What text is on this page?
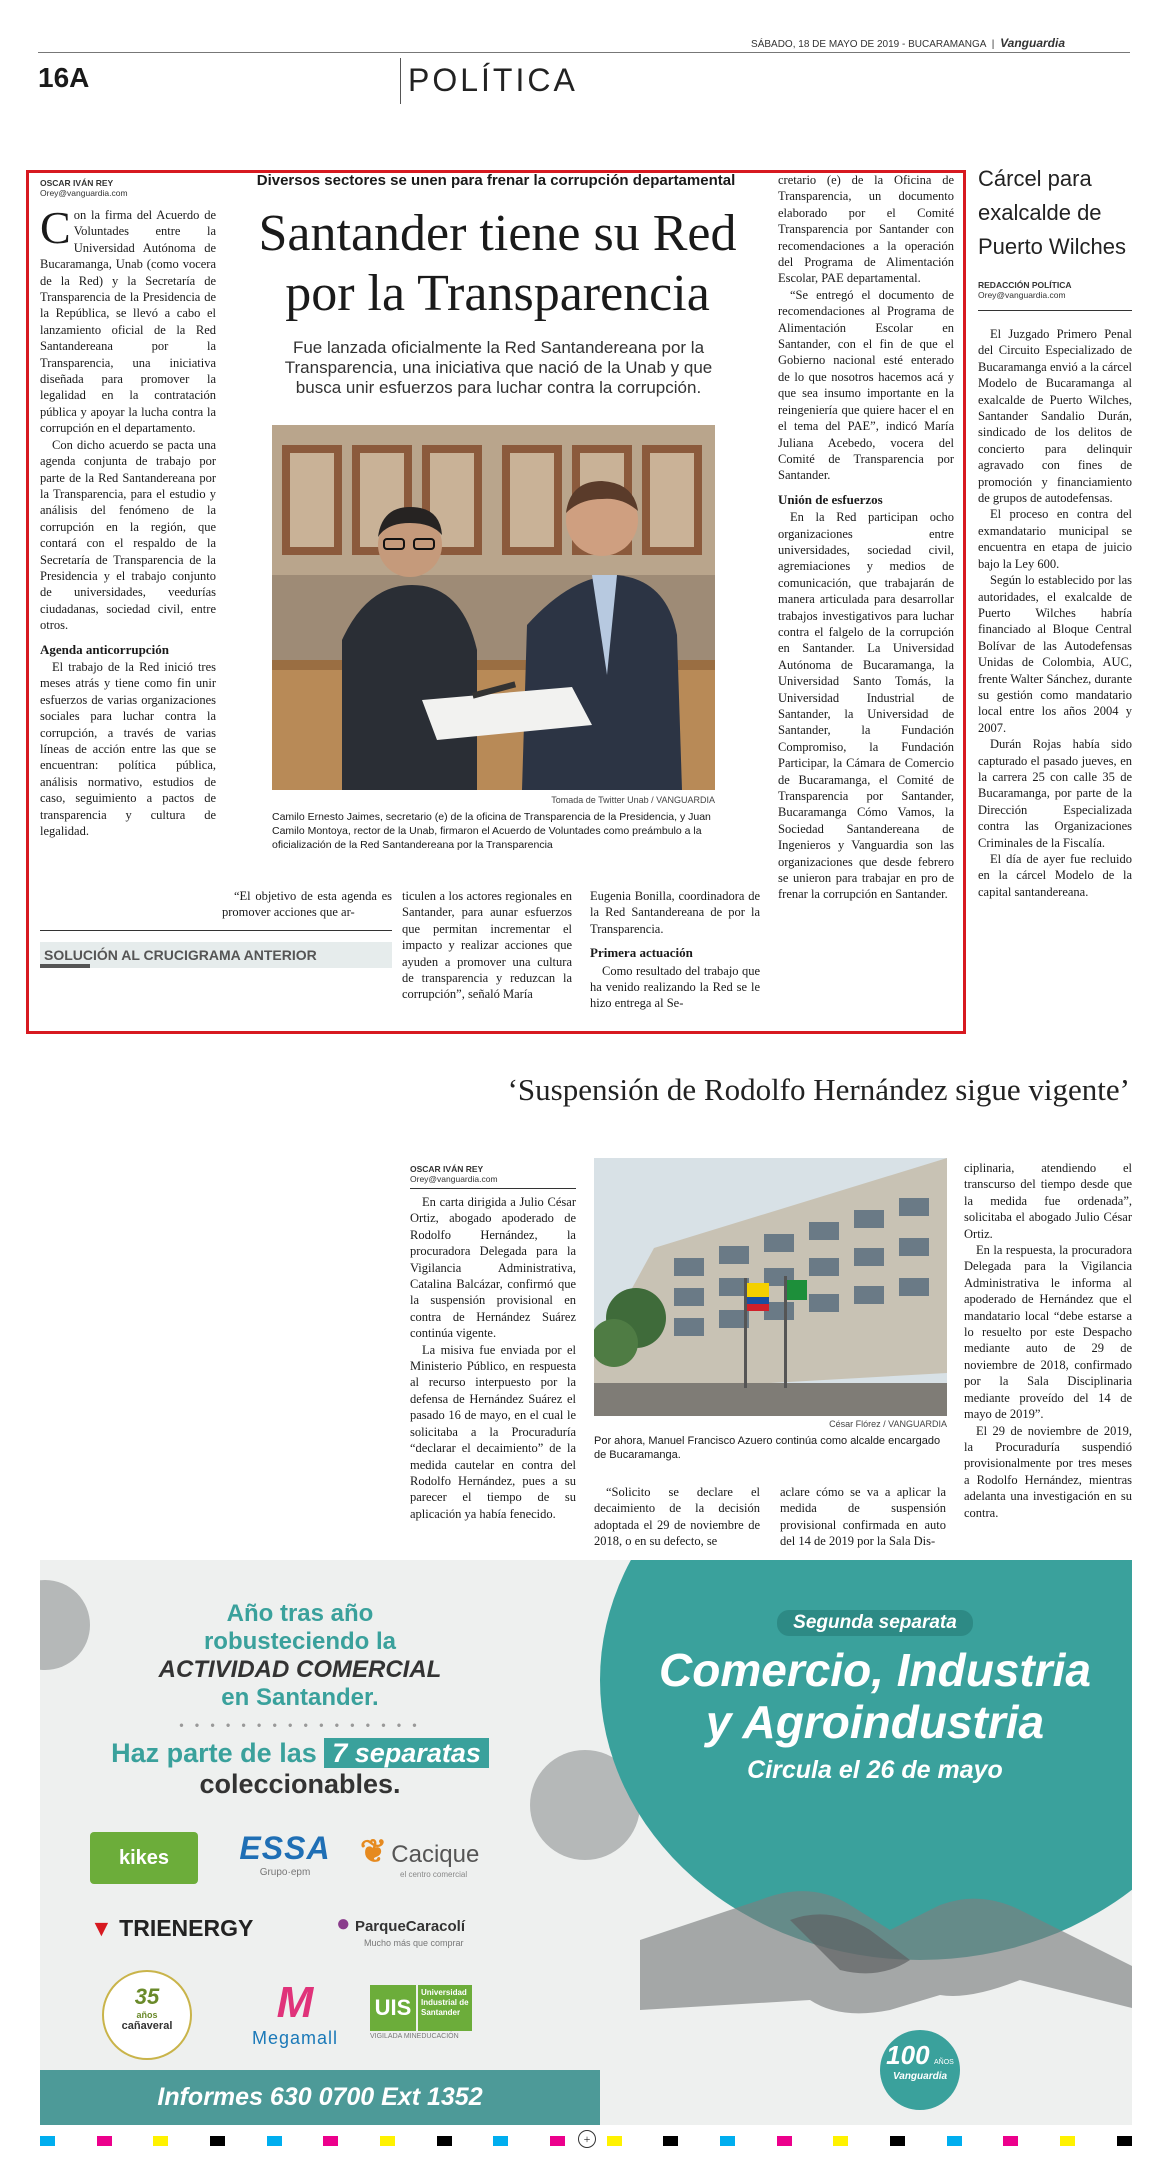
SÁBADO, 18 DE MAYO DE 2019 - BUCARAMANGA | Vanguardia
16A	POLÍTICA
OSCAR IVÁN REY
Orey@vanguardia.com
Diversos sectores se unen para frenar la corrupción departamental
Santander tiene su Red
por la Transparencia
Fue lanzada oficialmente la Red Santandereana por la Transparencia, una iniciativa que nació de la Unab y que busca unir esfuerzos para luchar contra la corrupción.

Con la firma del Acuerdo de Voluntades entre la Universidad Autónoma de Bucaramanga, Unab (como vocera de la Red) y la Secretaría de Transparencia de la Presidencia de la República, se llevó a cabo el lanzamiento oficial de la Red Santandereana por la Transparencia, una iniciativa diseñada para promover la legalidad en la contratación pública y apoyar la lucha contra la corrupción en el departamento.

Con dicho acuerdo se pacta una agenda conjunta de trabajo por parte de la Red Santandereana por la Transparencia, para el estudio y análisis del fenómeno de la corrupción en la región, que contará con el respaldo de la Secretaría de Transparencia de la Presidencia y el trabajo conjunto de universidades, veedurías ciudadanas, sociedad civil, entre otros.

Agenda anticorrupción

El trabajo de la Red inició tres meses atrás y tiene como fin unir esfuerzos de varias organizaciones sociales para luchar contra la corrupción, a través de varias líneas de acción entre las que se encuentran: política pública, análisis normativo, estudios de caso, seguimiento a pactos de transparencia y cultura de legalidad.

Tomada de Twitter Unab / VANGUARDIA
Camilo Ernesto Jaimes, secretario (e) de la oficina de Transparencia de la Presidencia, y Juan Camilo Montoya, rector de la Unab, firmaron el Acuerdo de Voluntades como preámbulo a la oficialización de la Red Santandereana por la Transparencia

“El objetivo de esta agenda es promover acciones que ar-

SOLUCIÓN AL CRUCIGRAMA ANTERIOR

ticulen a los actores regionales en Santander, para aunar esfuerzos que permitan incrementar el impacto y realizar acciones que ayuden a promover una cultura de transparencia y reduzcan la corrupción”, señaló María

Eugenia Bonilla, coordinadora de la Red Santandereana de por la Transparencia.

Primera actuación

Como resultado del trabajo que ha venido realizando la Red se le hizo entrega al Se-

cretario (e) de la Oficina de Transparencia, un documento elaborado por el Comité Transparencia por Santander con recomendaciones a la operación del Programa de Alimentación Escolar, PAE departamental.

“Se entregó el documento de recomendaciones al Programa de Alimentación Escolar en Santander, con el fin de que el Gobierno nacional esté enterado de lo que nosotros hacemos acá y que sea insumo importante en la reingeniería que quiere hacer el en el tema del PAE”, indicó María Juliana Acebedo, vocera del Comité de Transparencia por Santander.

Unión de esfuerzos

En la Red participan ocho organizaciones entre universidades, sociedad civil, agremiaciones y medios de comunicación, que trabajarán de manera articulada para desarrollar trabajos investigativos para luchar contra el falgelo de la corrupción en Santander. La Universidad Autónoma de Bucaramanga, la Universidad Santo Tomás, la Universidad Industrial de Santander, la Universidad de Santander, la Fundación Compromiso, la Fundación Participar, la Cámara de Comercio de Bucaramanga, el Comité de Transparencia por Santander, Bucaramanga Cómo Vamos, la Sociedad Santandereana de Ingenieros y Vanguardia son las organizaciones que desde febrero se unieron para trabajar en pro de frenar la corrupción en Santander.

Cárcel para exalcalde de Puerto Wilches
REDACCIÓN POLÍTICA
Orey@vanguardia.com

El Juzgado Primero Penal del Circuito Especializado de Bucaramanga envió a la cárcel Modelo de Bucaramanga al exalcalde de Puerto Wilches, Santander Sandalio Durán, sindicado de los delitos de concierto para delinquir agravado con fines de promoción y financiamiento de grupos de autodefensas.

El proceso en contra del exmandatario municipal se encuentra en etapa de juicio bajo la Ley 600.

Según lo establecido por las autoridades, el exalcalde de Puerto Wilches habría financiado al Bloque Central Bolívar de las Autodefensas Unidas de Colombia, AUC, frente Walter Sánchez, durante su gestión como mandatario local entre los años 2004 y 2007.

Durán Rojas había sido capturado el pasado jueves, en la carrera 25 con calle 35 de Bucaramanga, por parte de la Dirección Especializada contra las Organizaciones Criminales de la Fiscalía.

El día de ayer fue recluido en la cárcel Modelo de la capital santandereana.

‘Suspensión de Rodolfo Hernández sigue vigente’
OSCAR IVÁN REY
Orey@vanguardia.com

En carta dirigida a Julio César Ortiz, abogado apoderado de Rodolfo Hernández, la procuradora Delegada para la Vigilancia Administrativa, Catalina Balcázar, confirmó que la suspensión provisional en contra de Hernández Suárez continúa vigente.

La misiva fue enviada por el Ministerio Público, en respuesta al recurso interpuesto por la defensa de Hernández Suárez el pasado 16 de mayo, en el cual le solicitaba a la Procuraduría “declarar el decaimiento” de la medida cautelar en contra del Rodolfo Hernández, pues a su parecer el tiempo de su aplicación ya había fenecido.

César Flórez / VANGUARDIA
Por ahora, Manuel Francisco Azuero continúa como alcalde encargado de Bucaramanga.

“Solicito se declare el decaimiento de la decisión adoptada el 29 de noviembre de 2018, o en su defecto, se

aclare cómo se va a aplicar la medida de suspensión provisional confirmada en auto del 14 de 2019 por la Sala Dis-

ciplinaria, atendiendo el transcurso del tiempo desde que la medida fue ordenada”, solicitaba el abogado Julio César Ortiz.

En la respuesta, la procuradora Delegada para la Vigilancia Administrativa le informa al apoderado de Hernández que el mandatario local “debe estarse a lo resuelto por este Despacho mediante auto de 29 de noviembre de 2018, confirmado por la Sala Disciplinaria mediante proveído del 14 de mayo de 2019”.

El 29 de noviembre de 2019, la Procuraduría suspendió provisionalmente por tres meses a Rodolfo Hernández, mientras adelanta una investigación en su contra.

Año tras año
robusteciendo la
ACTIVIDAD COMERCIAL
en Santander.
• • • • • • • • • • • • • • • •
Haz parte de las 7 separatas
coleccionables.
kikes	ESSA
Grupo·epm
❦ Cacique
el centro comercial
▼ TRIENERGY	● ParqueCaracolí
Mucho más que comprar
35
años
cañaveral	M
Megamall
UIS
Universidad
Industrial de
Santander
VIGILADA MINEDUCACIÓN
Informes 630 0700 Ext 1352
Segunda separata
Comercio, Industria
y Agroindustria
Circula el 26 de mayo
100 AÑOS
Vanguardia
+
